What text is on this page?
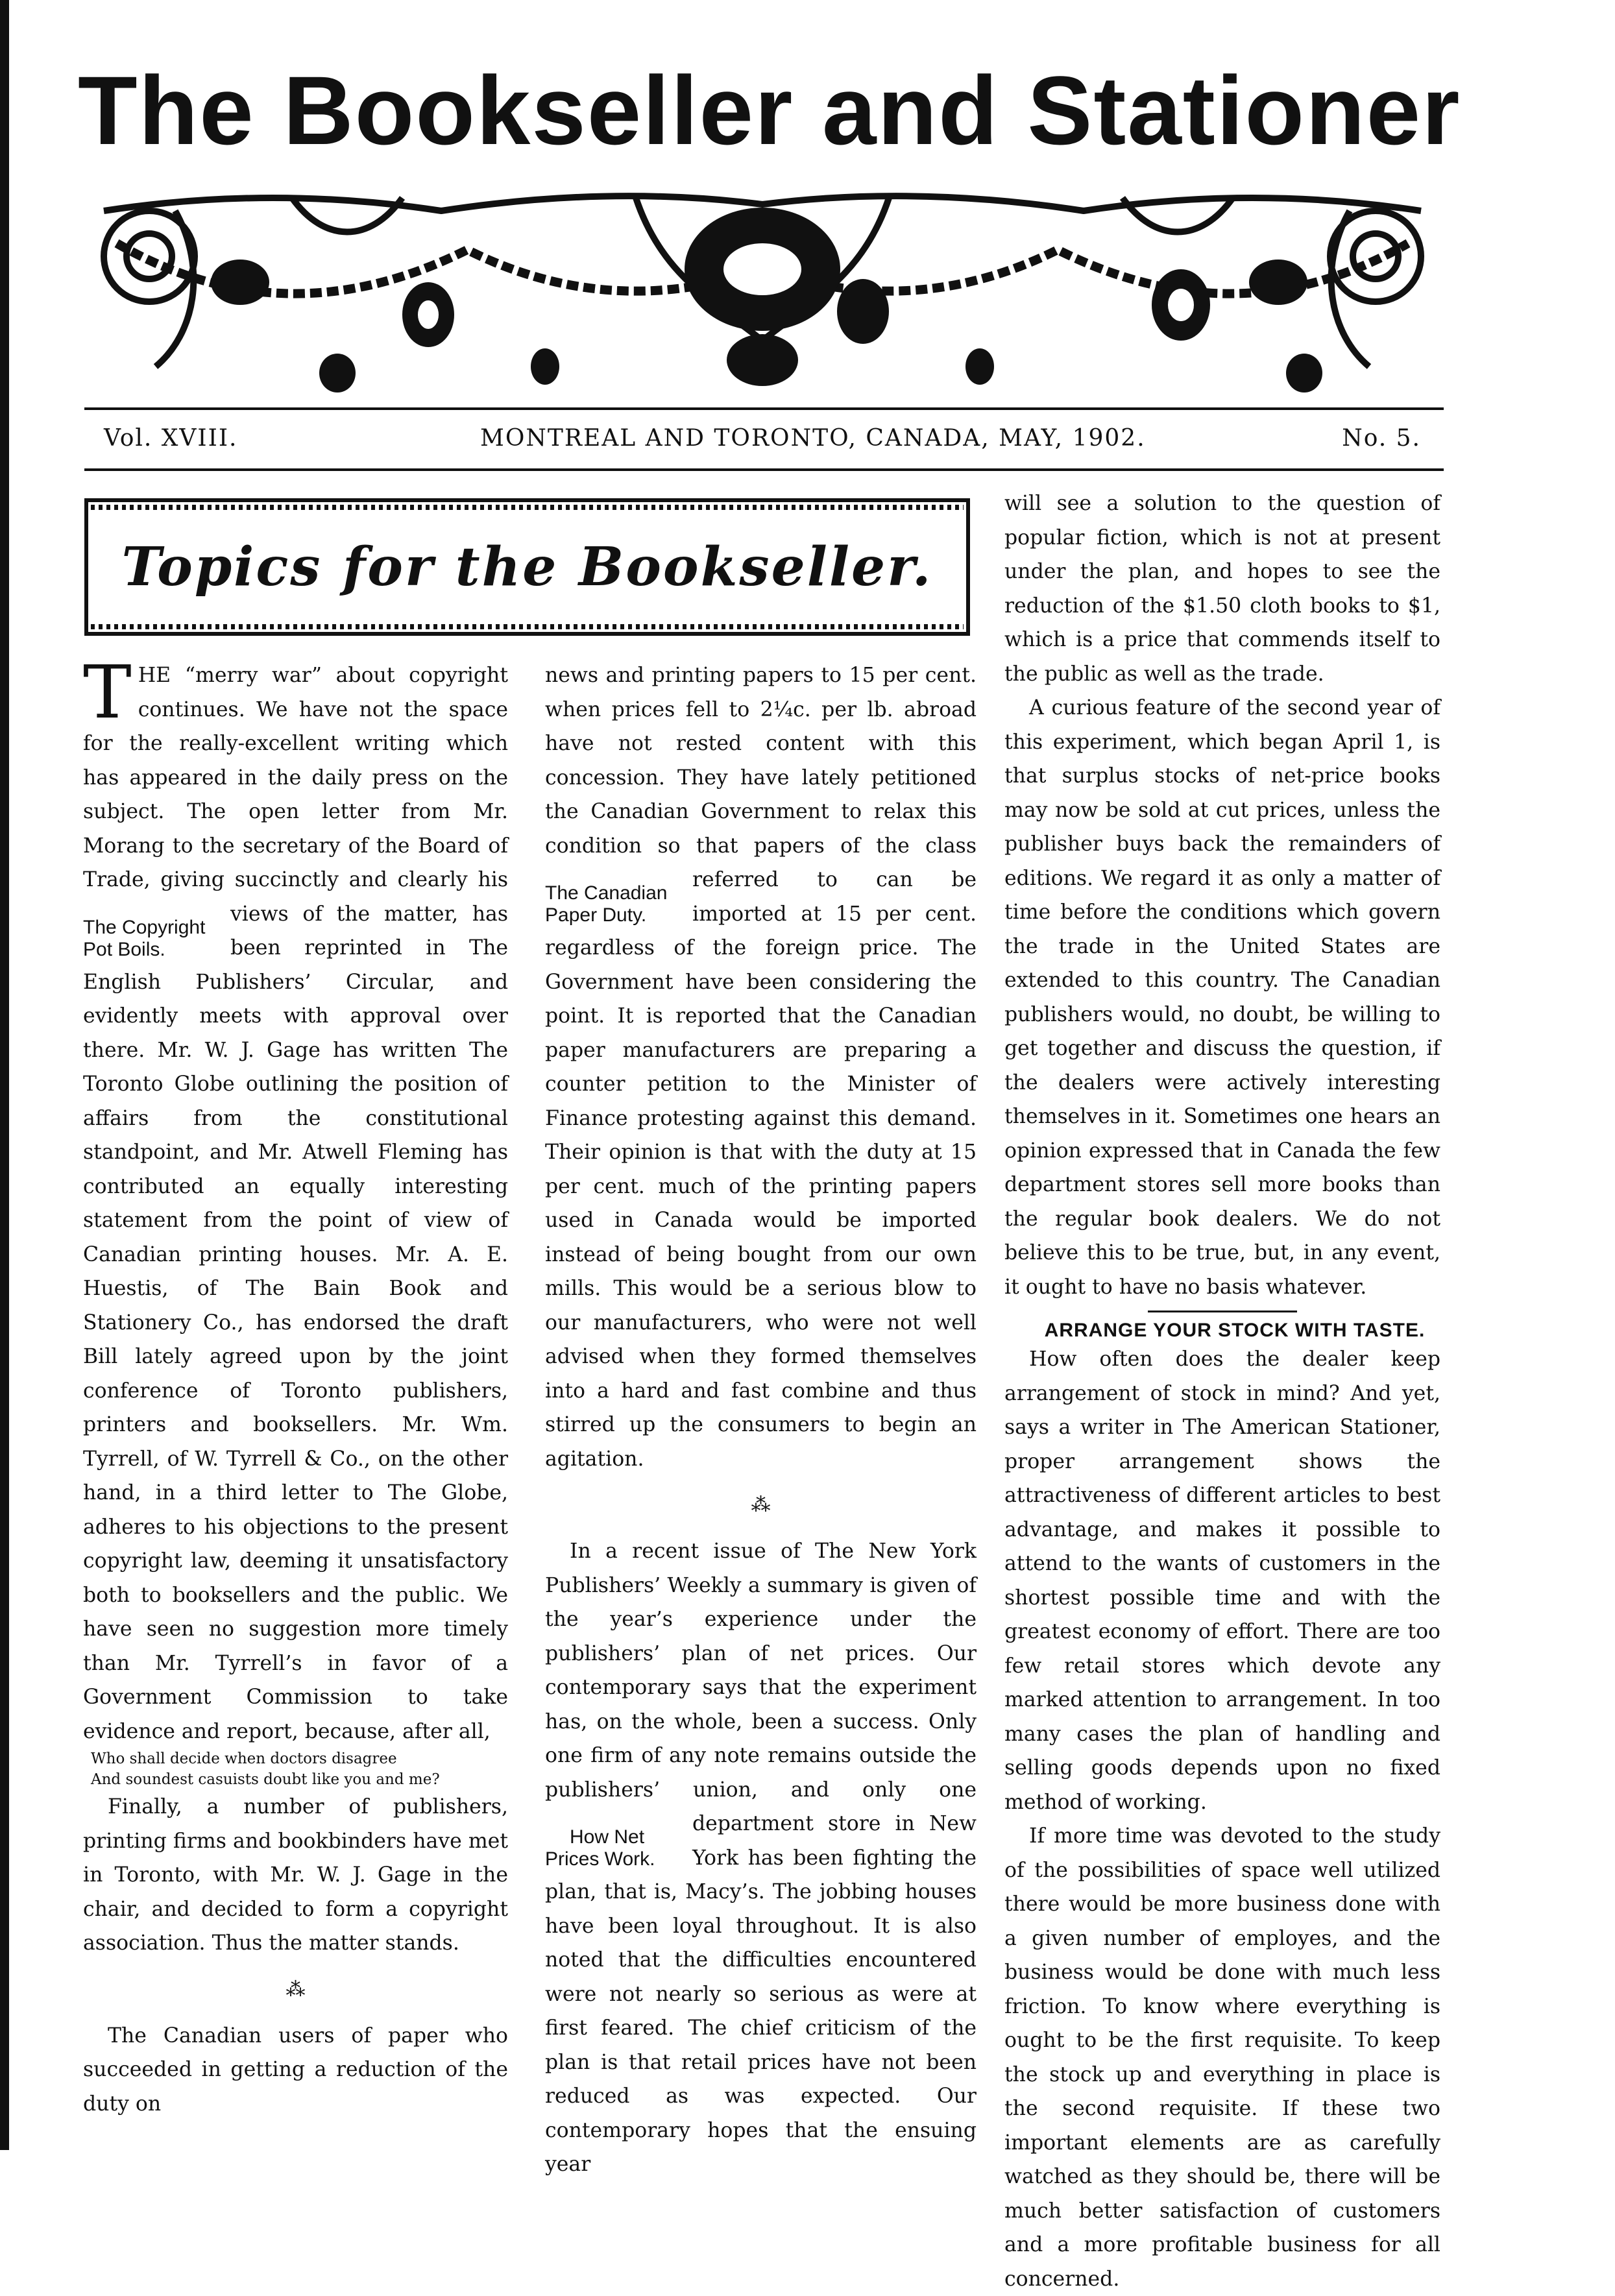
The Bookseller and Stationer
Vol. XVIII.	MONTREAL AND TORONTO, CANADA, MAY, 1902.	No. 5.
Topics for the Bookseller.

THE “merry war” about copyright continues. We have not the space for the really-excellent writing which has appeared in the daily press on the subject. The open letter from Mr. Morang to the secretary of the Board of Trade, giving succinctly and clearly his
The Copyright Pot Boils.
views of the matter, has been reprinted in The English Publishers’ Circular, and evidently meets with approval over there. Mr. W. J. Gage has written The Toronto Globe outlining the position of affairs from the constitutional standpoint, and Mr. Atwell Fleming has contributed an equally interesting statement from the point of view of Canadian printing houses. Mr. A. E. Huestis, of The Bain Book and Stationery Co., has endorsed the draft Bill lately agreed upon by the joint conference of Toronto publishers, printers and booksellers. Mr. Wm. Tyrrell, of W. Tyrrell & Co., on the other hand, in a third letter to The Globe, adheres to his objections to the present copyright law, deeming it unsatisfactory both to booksellers and the public. We have seen no suggestion more timely than Mr. Tyrrell’s in favor of a Government Commission to take evidence and report, because, after all,

Who shall decide when doctors disagree

And soundest casuists doubt like you and me?

Finally, a number of publishers, printing firms and bookbinders have met in Toronto, with Mr. W. J. Gage in the chair, and decided to form a copyright association. Thus the matter stands.

⁂

The Canadian users of paper who succeeded in getting a reduction of the duty on

news and printing papers to 15 per cent. when prices fell to 2¼c. per lb. abroad have not rested content with this concession. They have lately petitioned the Canadian Government to relax this condition so that papers of the class referred to can
The Canadian Paper Duty.
be imported at 15 per cent. regardless of the foreign price. The Government have been considering the point. It is reported that the Canadian paper manufacturers are preparing a counter petition to the Minister of Finance protesting against this demand. Their opinion is that with the duty at 15 per cent. much of the printing papers used in Canada would be imported instead of being bought from our own mills. This would be a serious blow to our manufacturers, who were not well advised when they formed themselves into a hard and fast combine and thus stirred up the consumers to begin an agitation.

⁂

In a recent issue of The New York Publishers’ Weekly a summary is given of the year’s experience under the publishers’ plan of net prices. Our contemporary says that the experiment has, on the whole, been a success. Only one firm of any note remains outside the publishers’ union, and only one department store in New
How Net Prices Work.	York has been fighting the plan, that is, Macy’s. The jobbing houses have been loyal throughout. It is also noted that the difficulties encountered were not nearly so serious as were at first feared. The chief criticism of the plan is that retail prices have not been reduced as was expected. Our contemporary hopes that the ensuing year

will see a solution to the question of popular fiction, which is not at present under the plan, and hopes to see the reduction of the $1.50 cloth books to $1, which is a price that commends itself to the public as well as the trade.

A curious feature of the second year of this experiment, which began April 1, is that surplus stocks of net-price books may now be sold at cut prices, unless the publisher buys back the remainders of editions. We regard it as only a matter of time before the conditions which govern the trade in the United States are extended to this country. The Canadian publishers would, no doubt, be willing to get together and discuss the question, if the dealers were actively interesting themselves in it. Sometimes one hears an opinion expressed that in Canada the few department stores sell more books than the regular book dealers. We do not believe this to be true, but, in any event, it ought to have no basis whatever.

ARRANGE YOUR STOCK WITH TASTE.

How often does the dealer keep arrangement of stock in mind? And yet, says a writer in The American Stationer, proper arrangement shows the attractiveness of different articles to best advantage, and makes it possible to attend to the wants of customers in the shortest possible time and with the greatest economy of effort. There are too few retail stores which devote any marked attention to arrangement. In too many cases the plan of handling and selling goods depends upon no fixed method of working.

If more time was devoted to the study of the possibilities of space well utilized there would be more business done with a given number of employes, and the business would be done with much less friction. To know where everything is ought to be the first requisite. To keep the stock up and everything in place is the second requisite. If these two important elements are as carefully watched as they should be, there will be much better satisfaction of customers and a more profitable business for all concerned.
